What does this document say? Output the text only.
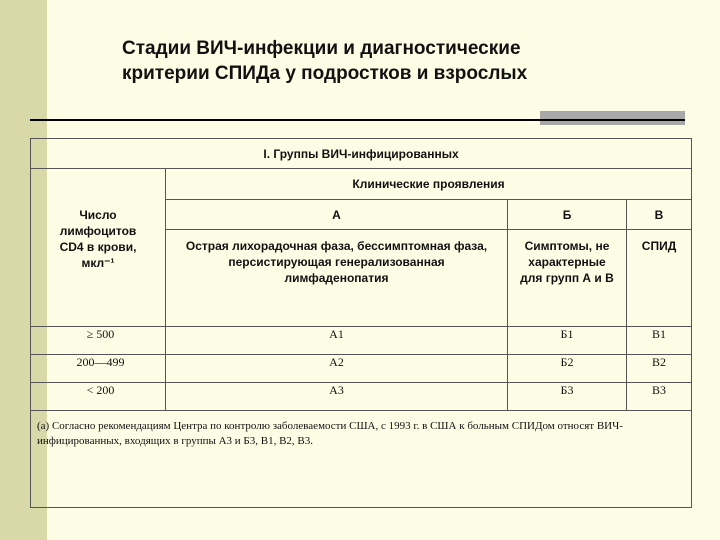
Стадии ВИЧ-инфекции и диагностические
критерии СПИДа у подростков и взрослых
I. Группы ВИЧ-инфицированных			

Число лимфоцитов CD4 в крови, мкл⁻¹	Клинические проявления		
	А	Б	В

	Острая лихорадочная фаза, бессимптомная фаза, персистирующая генерализованная лимфаденопатия	Симптомы, не характерные для групп А и В	СПИД

≥ 500	А1	Б1	В1
200—499	А2	Б2	В2
< 200	А3	Б3	В3
(а) Согласно рекомендациям Центра по контролю заболеваемости США, с 1993 г. в США к больным СПИДом относят ВИЧ-инфицированных, входящих в группы А3 и Б3, В1, В2, В3.			
